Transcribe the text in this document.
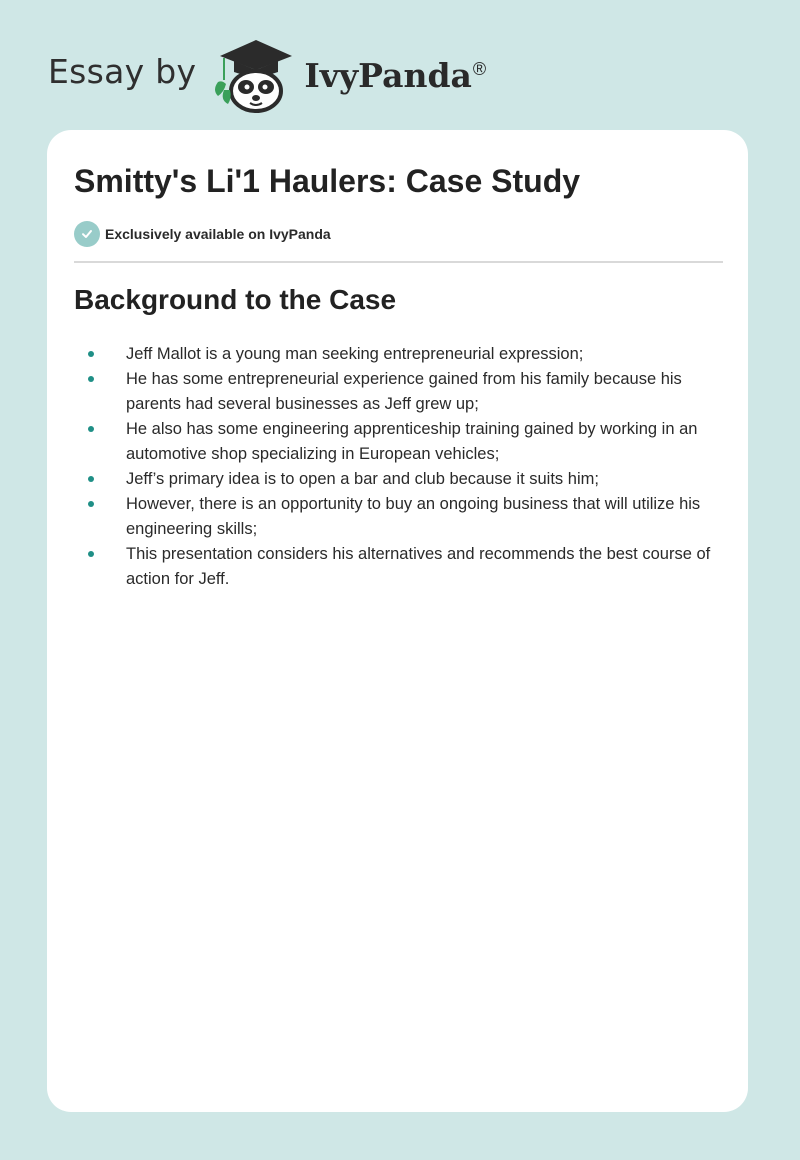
Essay by	IvyPanda®
Smitty's Li'1 Haulers: Case Study
Exclusively available on IvyPanda
Background to the Case
Jeff Mallot is a young man seeking entrepreneurial expression;
He has some entrepreneurial experience gained from his family because his parents had several businesses as Jeff grew up;
He also has some engineering apprenticeship training gained by working in an automotive shop specializing in European vehicles;
Jeff’s primary idea is to open a bar and club because it suits him;
However, there is an opportunity to buy an ongoing business that will utilize his engineering skills;
This presentation considers his alternatives and recommends the best course of action for Jeff.
